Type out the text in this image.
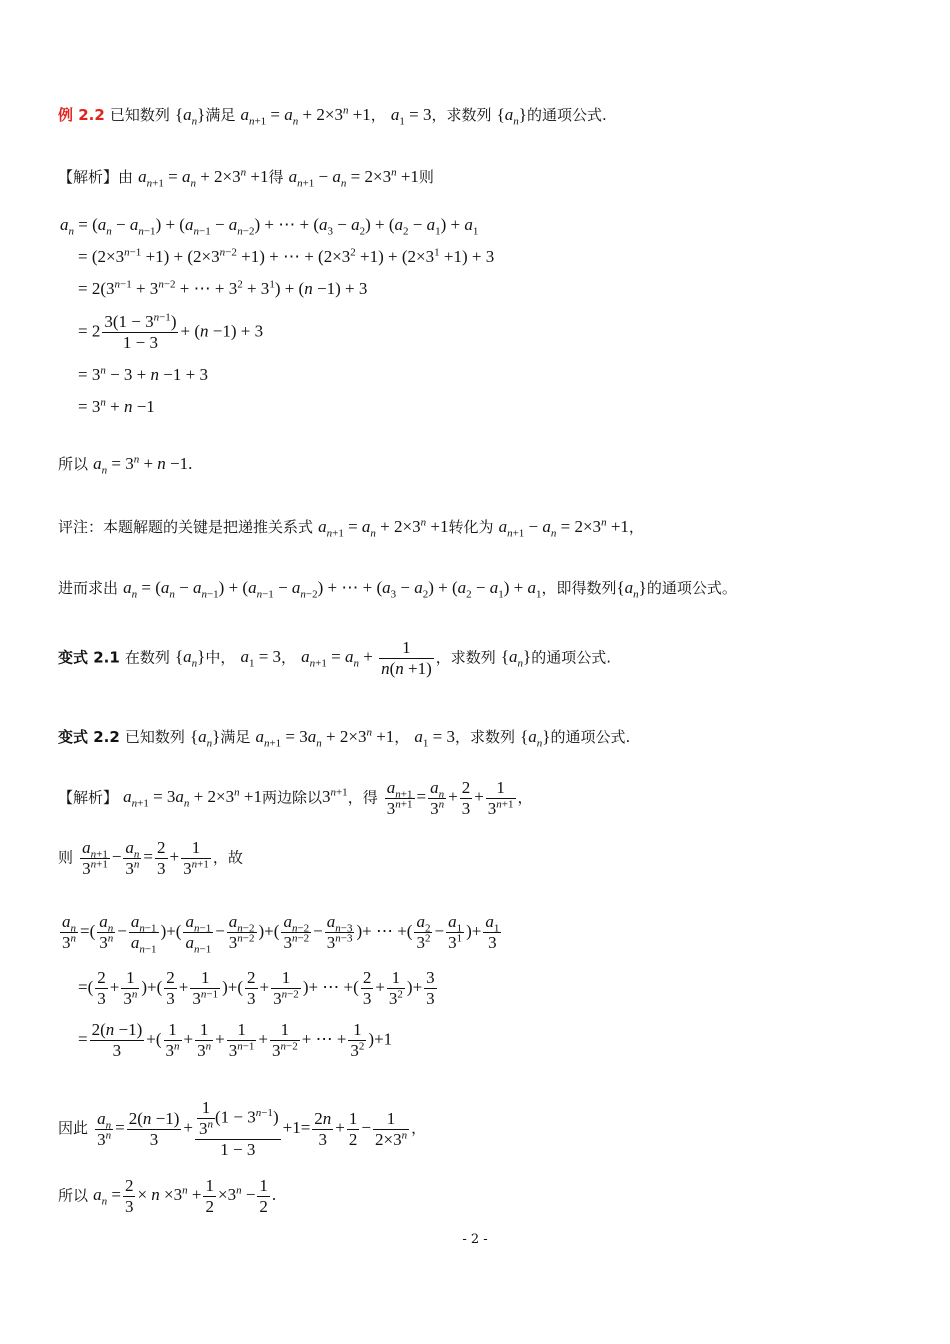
例 2.2 已知数列 $\{a_n\}$满足 $a_{n+1} = a_n + 2\times 3^n +1$， $a_1 = 3$，求数列 $\{a_n\}$的通项公式.
【解析】由 $a_{n+1} = a_n + 2\times 3^n +1$得 $a_{n+1} - a_n = 2\times 3^n +1$则
$a_n = (a_n - a_{n-1}) + (a_{n-1} - a_{n-2})$ + ⋯ + $(a_3 - a_2) + (a_2 - a_1) + a_1$
= $(2\times 3^{n-1} +1) + (2\times 3^{n-2} +1)$ + ⋯ + $(2\times 3^2 +1) + (2\times 3^1 +1) + 3$
= $2(3^{n-1} + 3^{n-2}$ + ⋯ + $3^2 + 3^1) + (n -1) + 3$
= $2 \frac{3(1 - 3^{n-1})}{1 - 3} + (n -1) + 3$
= $3^n - 3 + n -1 + 3$
= $3^n + n -1$
所以 $a_n = 3^n + n -1$.
评注：本题解题的关键是把递推关系式 $a_{n+1} = a_n + 2\times 3^n +1$转化为 $a_{n+1} - a_n = 2\times 3^n +1$，
进而求出 $a_n = (a_n - a_{n-1}) + (a_{n-1} - a_{n-2})$ + ⋯ + $(a_3 - a_2) + (a_2 - a_1) + a_1$，即得数列$\{a_n\}$的通项公式。
变式 2.1 在数列 $\{a_n\}$中， $a_1 = 3$， $a_{n+1} = a_n + \frac{1}{n(n +1)}$ ，求数列 $\{a_n\}$的通项公式.
变式 2.2 已知数列 $\{a_n\}$满足 $a_{n+1} = 3a_n + 2\times 3^n +1$， $a_1 = 3$，求数列 $\{a_n\}$的通项公式.
【解析】 $a_{n+1} = 3a_n + 2\times 3^n +1$两边除以$3^{n+1}$，得 $\frac{a_{n+1}}{3^{n+1}} = \frac{a_n}{3^n} + \frac{2}{3} + \frac{1}{3^{n+1}}$ ，
则 $\frac{a_{n+1}}{3^{n+1}} - \frac{a_n}{3^n} = \frac{2}{3} + \frac{1}{3^{n+1}}$ ，故
$\frac{a_n}{3^n}$ =( $\frac{a_n}{3^n} - \frac{a_{n-1}}{a_{n-1}}$ )+( $\frac{a_{n-1}}{a_{n-1}} - \frac{a_{n-2}}{3^{n-2}}$ )+( $\frac{a_{n-2}}{3^{n-2}} - \frac{a_{n-3}}{3^{n-3}}$ )+ ⋯ +( $\frac{a_2}{3^2} - \frac{a_1}{3^1}$ )+ $\frac{a_1}{3}$
=( $\frac{2}{3} + \frac{1}{3^n}$ )+( $\frac{2}{3} + \frac{1}{3^{n-1}}$ )+( $\frac{2}{3} + \frac{1}{3^{n-2}}$ )+ ⋯ +( $\frac{2}{3} + \frac{1}{3^2}$ )+ $\frac{3}{3}$
= $\frac{2(n -1)}{3}$ +( $\frac{1}{3^n} + \frac{1}{3^n} + \frac{1}{3^{n-1}} + \frac{1}{3^{n-2}}$ + ⋯ + $\frac{1}{3^2} )+1$
因此 $\frac{a_n}{3^n} = \frac{2(n -1)}{3} + \frac{\frac{1}{3^n} (1 - 3^{n-1})}{1 - 3} +1= \frac{2n}{3} + \frac{1}{2} - \frac{1}{2\times 3^n}$ ，
所以 $a_n = \frac{2}{3} \times n \times 3^n + \frac{1}{2} \times 3^n - \frac{1}{2}$ .
- 2 -
